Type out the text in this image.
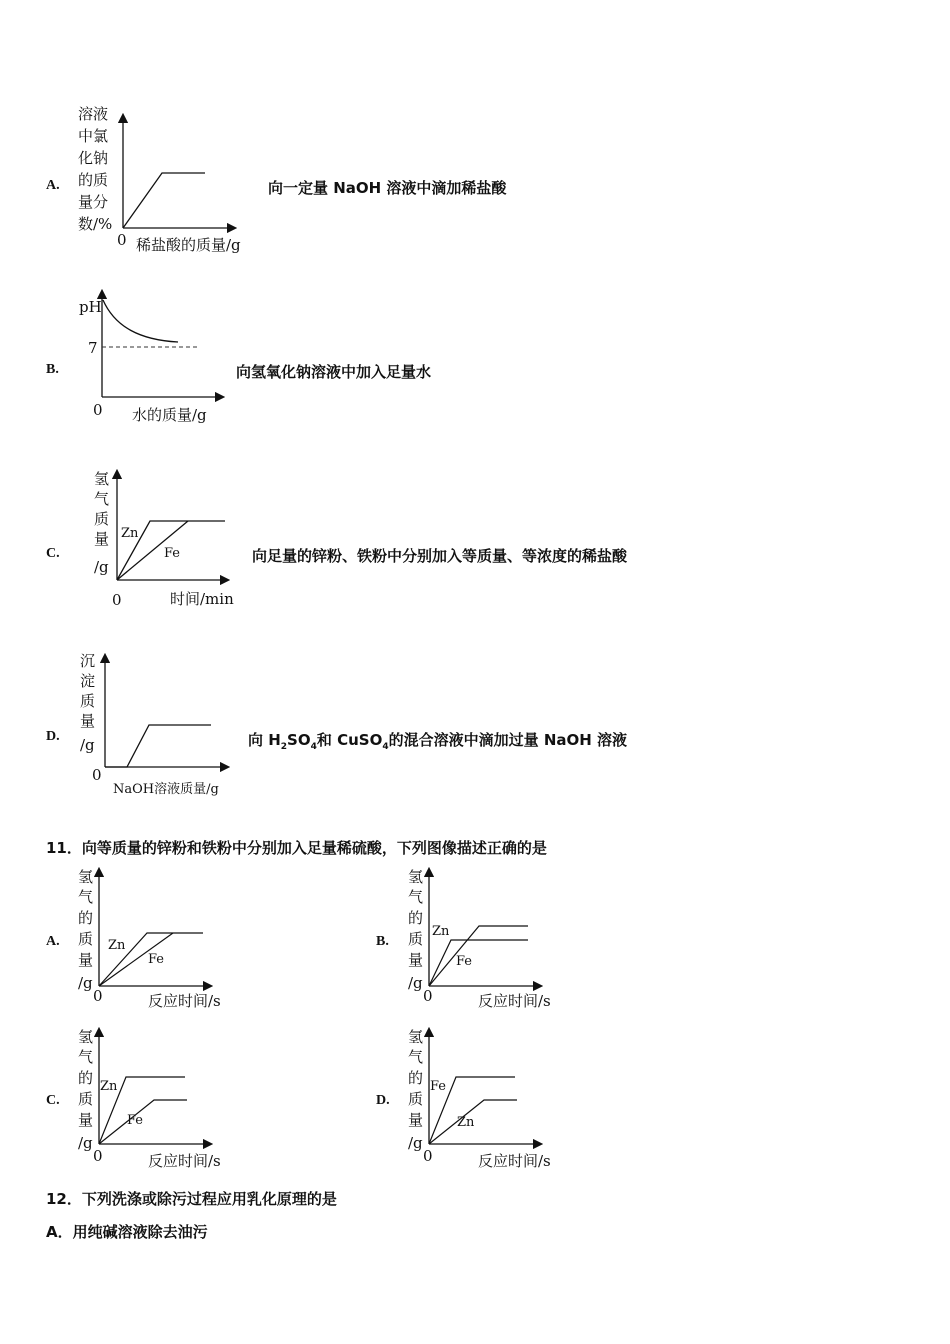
A.
溶液
中氯
化钠
的质
量分
数/%
0 稀盐酸的质量/g
向一定量 NaOH 溶液中滴加稀盐酸
B.
pH
7
0 水的质量/g
向氢氧化钠溶液中加入足量水
C.
氢
气
质
量
/g
Zn
Fe
0	时间/min
向足量的锌粉、铁粉中分别加入等质量、等浓度的稀盐酸
D.
沉
淀
质
量
/g
0
NaOH溶液质量/g
向 $H_2SO_4$和 CuSO$_4$的混合溶液中滴加过量 NaOH 溶液
11．向等质量的锌粉和铁粉中分别加入足量稀硫酸，下列图像描述正确的是
A.
氢
气
的
质
量
/g
Zn
Fe
0	反应时间/s
B.
氢
气
的
质
量
/g
Zn
Fe
0	反应时间/s
C.
氢
气
的
质
量
/g
Zn
Fe
0	反应时间/s
D.
氢
气
的
质
量
/g
Fe
Zn
0	反应时间/s
12．下列洗涤或除污过程应用乳化原理的是
A．用纯碱溶液除去油污
